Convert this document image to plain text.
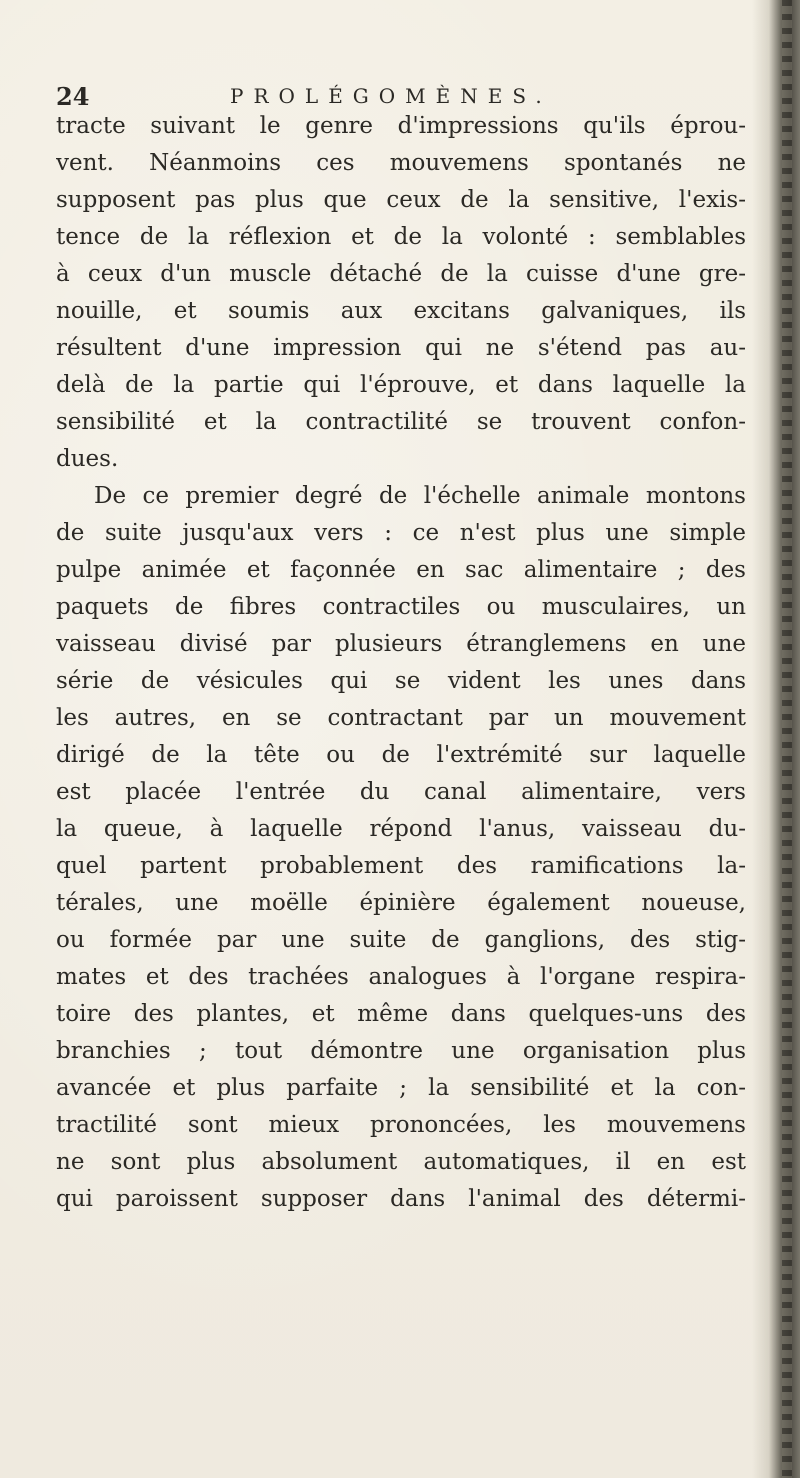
24	PROLÉGOMÈNES.
tracte suivant le genre d'impressions qu'ils éprou-
vent. Néanmoins ces mouvemens spontanés ne
supposent pas plus que ceux de la sensitive, l'exis-
tence de la réflexion et de la volonté : semblables
à ceux d'un muscle détaché de la cuisse d'une gre-
nouille, et soumis aux excitans galvaniques, ils
résultent d'une impression qui ne s'étend pas au-
delà de la partie qui l'éprouve, et dans laquelle la
sensibilité et la contractilité se trouvent confon-
dues.
De ce premier degré de l'échelle animale montons
de suite jusqu'aux vers : ce n'est plus une simple
pulpe animée et façonnée en sac alimentaire ; des
paquets de fibres contractiles ou musculaires, un
vaisseau divisé par plusieurs étranglemens en une
série de vésicules qui se vident les unes dans
les autres, en se contractant par un mouvement
dirigé de la tête ou de l'extrémité sur laquelle
est placée l'entrée du canal alimentaire, vers
la queue, à laquelle répond l'anus, vaisseau du-
quel partent probablement des ramifications la-
térales, une moëlle épinière également noueuse,
ou formée par une suite de ganglions, des stig-
mates et des trachées analogues à l'organe respira-
toire des plantes, et même dans quelques-uns des
branchies ; tout démontre une organisation plus
avancée et plus parfaite ; la sensibilité et la con-
tractilité sont mieux prononcées, les mouvemens
ne sont plus absolument automatiques, il en est
qui paroissent supposer dans l'animal des détermi-
